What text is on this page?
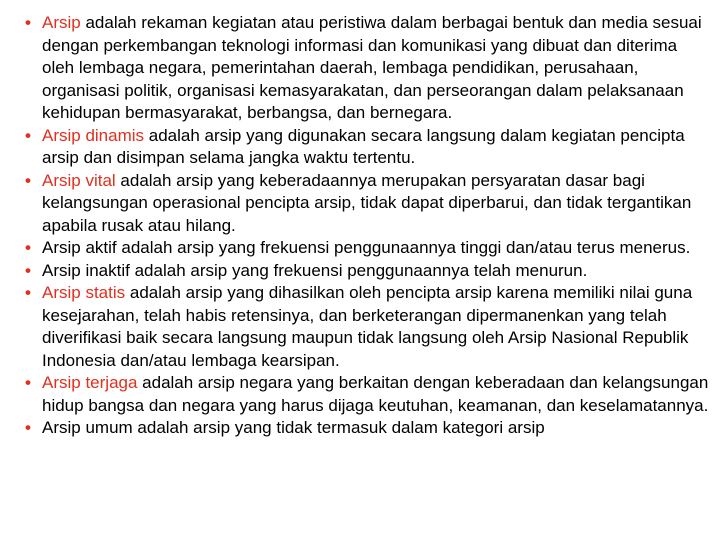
• Arsip adalah rekaman kegiatan atau peristiwa dalam berbagai bentuk dan media sesuai dengan perkembangan teknologi informasi dan komunikasi yang dibuat dan diterima oleh lembaga negara, pemerintahan daerah, lembaga pendidikan, perusahaan, organisasi politik, organisasi kemasyarakatan, dan perseorangan dalam pelaksanaan kehidupan bermasyarakat, berbangsa, dan bernegara.
• Arsip dinamis adalah arsip yang digunakan secara langsung dalam kegiatan pencipta arsip dan disimpan selama jangka waktu tertentu.
• Arsip vital adalah arsip yang keberadaannya merupakan persyaratan dasar bagi kelangsungan operasional pencipta arsip, tidak dapat diperbarui, dan tidak tergantikan apabila rusak atau hilang.
• Arsip aktif adalah arsip yang frekuensi penggunaannya tinggi dan/atau terus menerus.
• Arsip inaktif adalah arsip yang frekuensi penggunaannya telah menurun.
• Arsip statis adalah arsip yang dihasilkan oleh pencipta arsip karena memiliki nilai guna kesejarahan, telah habis retensinya, dan berketerangan dipermanenkan yang telah diverifikasi baik secara langsung maupun tidak langsung oleh Arsip Nasional Republik Indonesia dan/atau lembaga kearsipan.
• Arsip terjaga adalah arsip negara yang berkaitan dengan keberadaan dan kelangsungan hidup bangsa dan negara yang harus dijaga keutuhan, keamanan, dan keselamatannya.
• Arsip umum adalah arsip yang tidak termasuk dalam kategori arsip
